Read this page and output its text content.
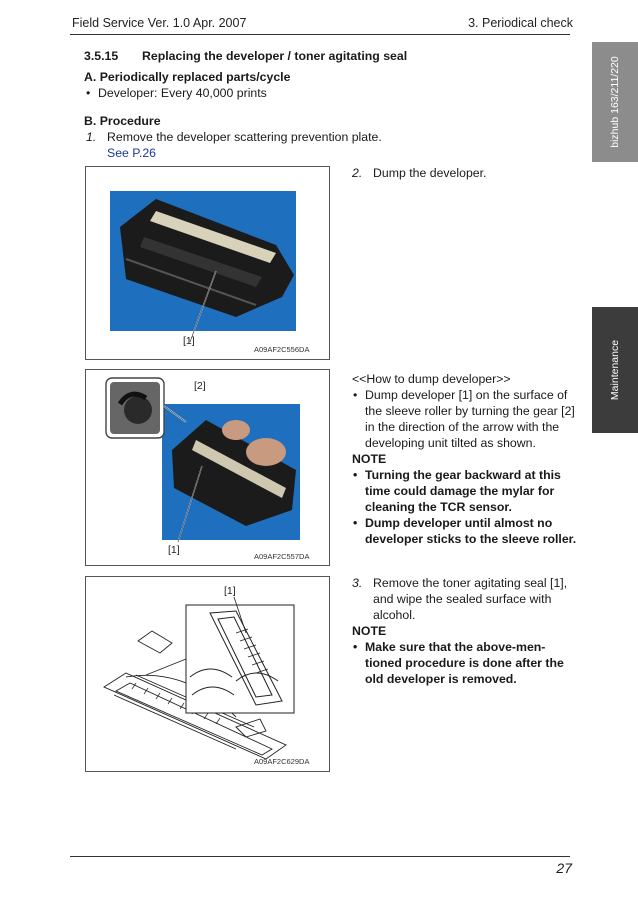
Field Service Ver. 1.0 Apr. 2007	3. Periodical check
bizhub 163/211/220
Maintenance
3.5.15 Replacing the developer / toner agitating seal
A. Periodically replaced parts/cycle
• Developer: Every 40,000 prints
B. Procedure
1. Remove the developer scattering prevention plate.
See P.26
[1]
A09AF2C556DA
2. Dump the developer.
[2]
[1]
A09AF2C557DA
<<How to dump developer>>
• Dump developer [1] on the surface of
the sleeve roller by turning the gear [2]
in the direction of the arrow with the
developing unit tilted as shown.
NOTE
• Turning the gear backward at this
time could damage the mylar for
cleaning the TCR sensor.
• Dump developer until almost no
developer sticks to the sleeve roller.
[1]
A09AF2C629DA
3. Remove the toner agitating seal [1],
and wipe the sealed surface with
alcohol.
NOTE
• Make sure that the above-men-
tioned procedure is done after the
old developer is removed.
27
